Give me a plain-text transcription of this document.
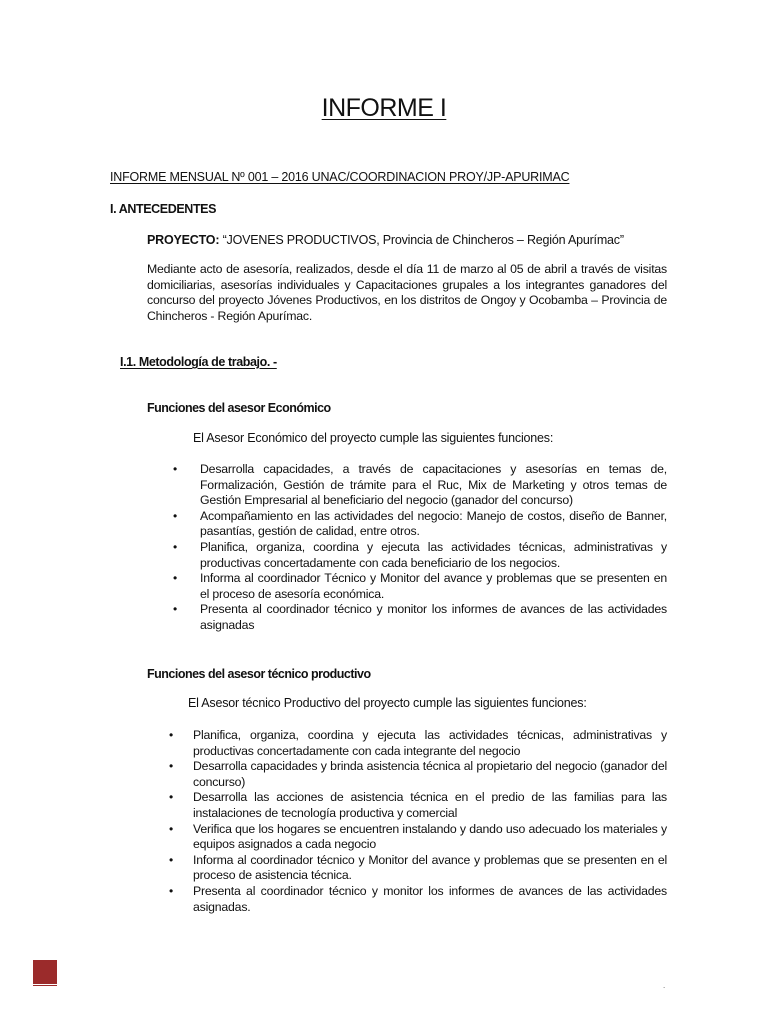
INFORME I
INFORME MENSUAL Nº 001 – 2016 UNAC/COORDINACION PROY/JP-APURIMAC
I. ANTECEDENTES
PROYECTO: “JOVENES PRODUCTIVOS, Provincia de Chincheros – Región Apurímac”
Mediante acto de asesoría, realizados, desde el día 11 de marzo al 05 de abril a través de visitas domiciliarias, asesorías individuales y Capacitaciones grupales a los integrantes ganadores del concurso del proyecto Jóvenes Productivos, en los distritos de Ongoy y Ocobamba – Provincia de Chincheros - Región Apurímac.
I.1. Metodología de trabajo. -
Funciones del asesor Económico
El Asesor Económico del proyecto cumple las siguientes funciones:
• Desarrolla capacidades, a través de capacitaciones y asesorías en temas de, Formalización, Gestión de trámite para el Ruc, Mix de Marketing y otros temas de Gestión Empresarial al beneficiario del negocio (ganador del concurso)
• Acompañamiento en las actividades del negocio: Manejo de costos, diseño de Banner, pasantías, gestión de calidad, entre otros.
• Planifica, organiza, coordina y ejecuta las actividades técnicas, administrativas y productivas concertadamente con cada beneficiario de los negocios.
• Informa al coordinador Técnico y Monitor del avance y problemas que se presenten en el proceso de asesoría económica.
• Presenta al coordinador técnico y monitor los informes de avances de las actividades asignadas
Funciones del asesor técnico productivo
El Asesor técnico Productivo del proyecto cumple las siguientes funciones:
• Planifica, organiza, coordina y ejecuta las actividades técnicas, administrativas y productivas concertadamente con cada integrante del negocio
• Desarrolla capacidades y brinda asistencia técnica al propietario del negocio (ganador del concurso)
• Desarrolla las acciones de asistencia técnica en el predio de las familias para las instalaciones de tecnología productiva y comercial
• Verifica que los hogares se encuentren instalando y dando uso adecuado los materiales y equipos asignados a cada negocio
• Informa al coordinador técnico y Monitor del avance y problemas que se presenten en el proceso de asistencia técnica.
• Presenta al coordinador técnico y monitor los informes de avances de las actividades asignadas.
.
